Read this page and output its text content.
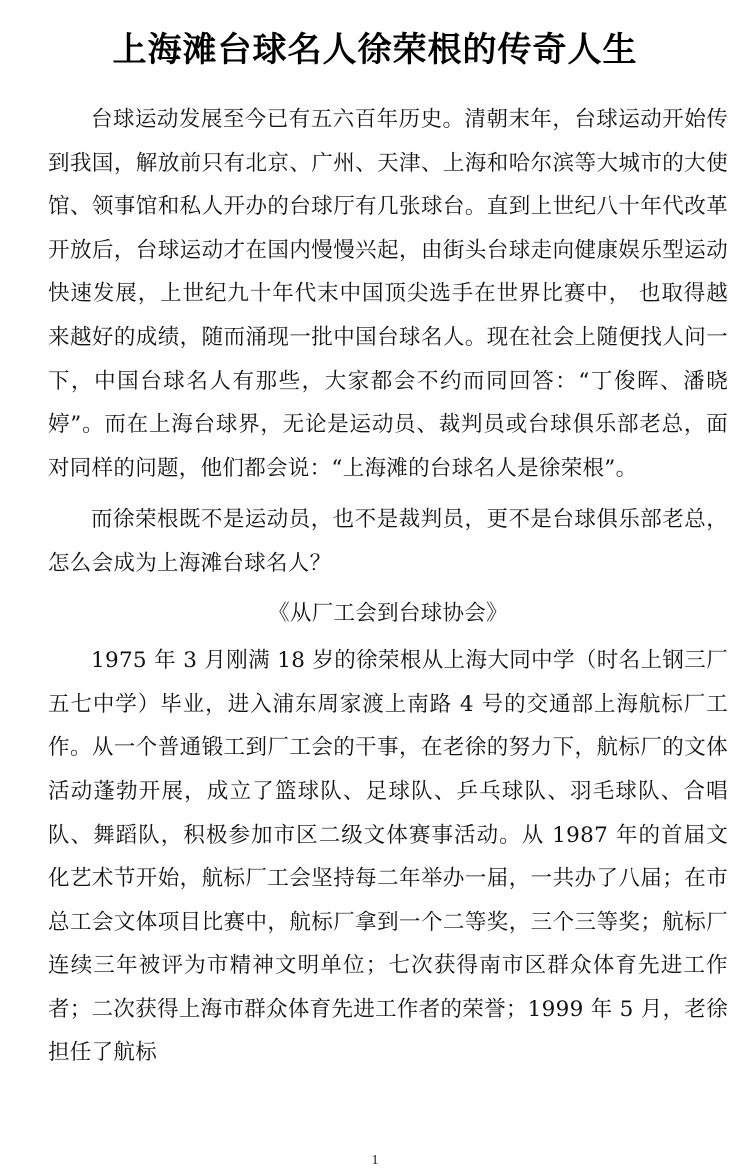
上海滩台球名人徐荣根的传奇人生

台球运动发展至今已有五六百年历史。清朝末年，台球运动开始传到我国，解放前只有北京、广州、天津、上海和哈尔滨等大城市的大使馆、领事馆和私人开办的台球厅有几张球台。直到上世纪八十年代改革开放后，台球运动才在国内慢慢兴起，由街头台球走向健康娱乐型运动快速发展，上世纪九十年代末中国顶尖选手在世界比赛中， 也取得越来越好的成绩，随而涌现一批中国台球名人。现在社会上随便找人问一下，中国台球名人有那些，大家都会不约而同回答：“丁俊晖、潘晓婷”。而在上海台球界，无论是运动员、裁判员或台球俱乐部老总，面对同样的问题，他们都会说：“上海滩的台球名人是徐荣根”。

而徐荣根既不是运动员，也不是裁判员，更不是台球俱乐部老总，怎么会成为上海滩台球名人？

《从厂工会到台球协会》

1975 年 3 月刚满 18 岁的徐荣根从上海大同中学（时名上钢三厂五七中学）毕业，进入浦东周家渡上南路 4 号的交通部上海航标厂工作。从一个普通锻工到厂工会的干事，在老徐的努力下，航标厂的文体活动蓬勃开展，成立了篮球队、足球队、乒乓球队、羽毛球队、合唱队、舞蹈队，积极参加市区二级文体赛事活动。从 1987 年的首届文化艺术节开始，航标厂工会坚持每二年举办一届，一共办了八届；在市总工会文体项目比赛中，航标厂拿到一个二等奖，三个三等奖；航标厂连续三年被评为市精神文明单位；七次获得南市区群众体育先进工作者；二次获得上海市群众体育先进工作者的荣誉；1999 年 5 月，老徐担任了航标

1
